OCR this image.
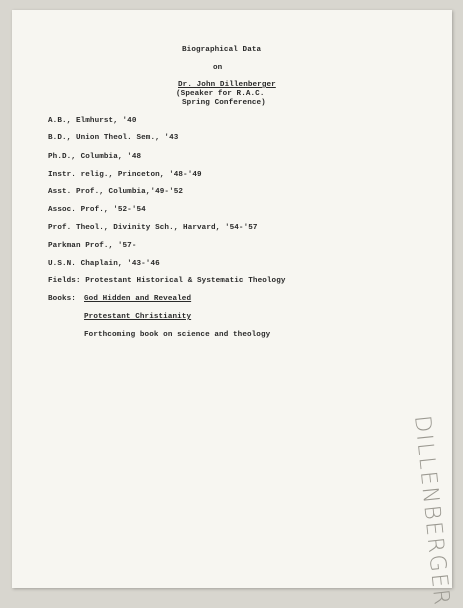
Biographical Data
on
Dr. John Dillenberger
(Speaker for R.A.C.
Spring Conference)
A.B., Elmhurst, '40
B.D., Union Theol. Sem., '43
Ph.D., Columbia, '48
Instr. relig., Princeton, '48-'49
Asst. Prof., Columbia,'49-'52
Assoc. Prof., '52-'54
Prof. Theol., Divinity Sch., Harvard, '54-'57
Parkman Prof., '57-
U.S.N. Chaplain, '43-'46
Fields: Protestant Historical & Systematic Theology
Books: God Hidden and Revealed
Protestant Christianity
Forthcoming book on science and theology
DILLENBERGER
